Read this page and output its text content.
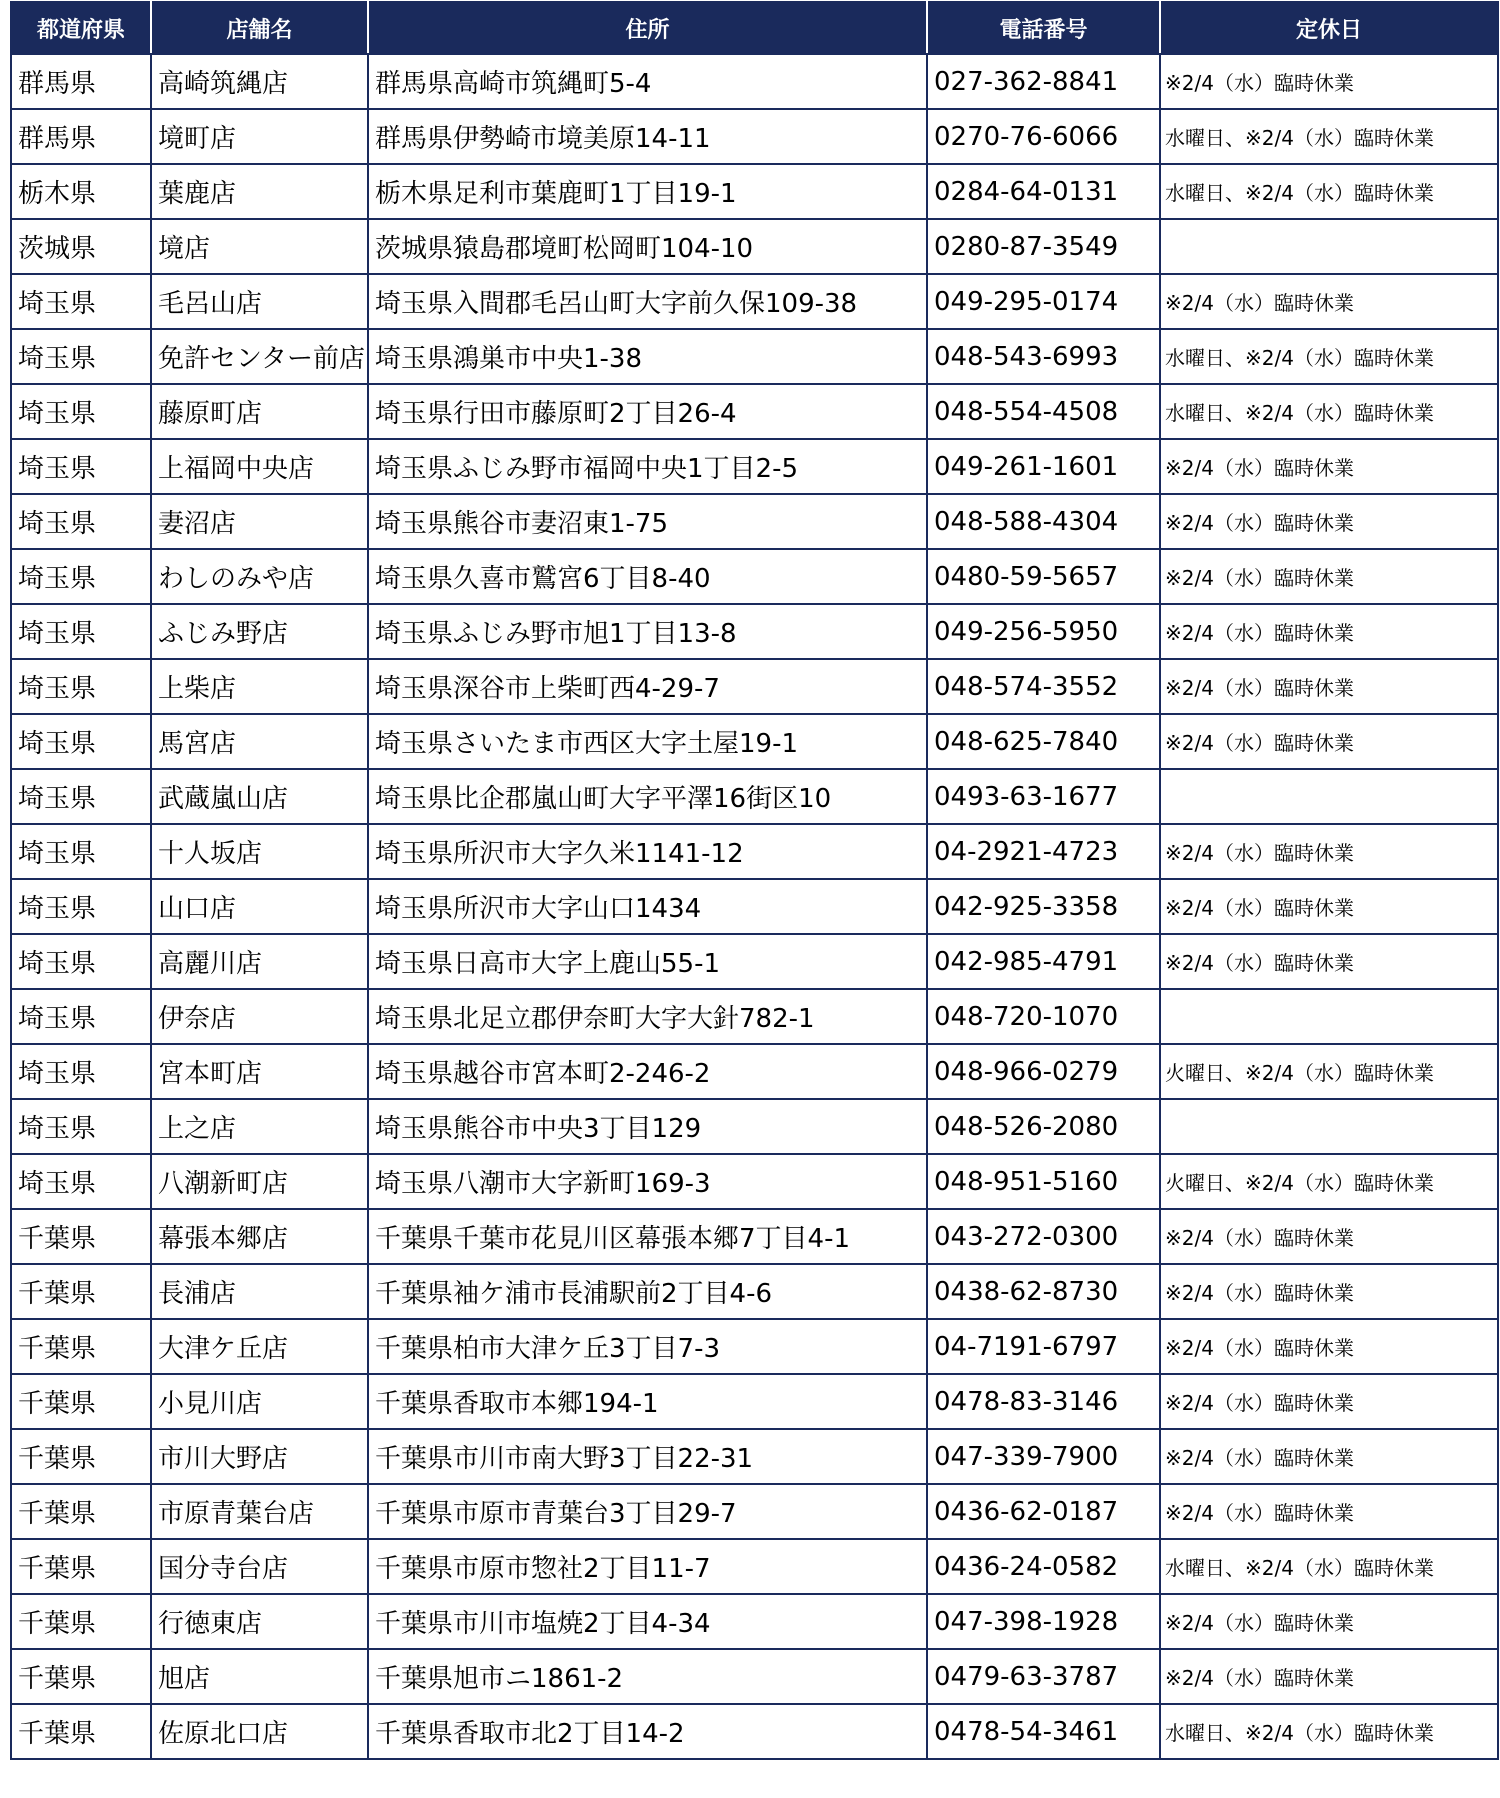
都道府県	店舗名	住所	電話番号	定休日
群馬県	高崎筑縄店	群馬県高崎市筑縄町5-4	027-362-8841	※2/4（水）臨時休業
群馬県	境町店	群馬県伊勢崎市境美原14-11	0270-76-6066	水曜日、※2/4（水）臨時休業
栃木県	葉鹿店	栃木県足利市葉鹿町1丁目19-1	0284-64-0131	水曜日、※2/4（水）臨時休業
茨城県	境店	茨城県猿島郡境町松岡町104-10	0280-87-3549	
埼玉県	毛呂山店	埼玉県入間郡毛呂山町大字前久保109-38	049-295-0174	※2/4（水）臨時休業
埼玉県	免許センター前店	埼玉県鴻巣市中央1-38	048-543-6993	水曜日、※2/4（水）臨時休業
埼玉県	藤原町店	埼玉県行田市藤原町2丁目26-4	048-554-4508	水曜日、※2/4（水）臨時休業
埼玉県	上福岡中央店	埼玉県ふじみ野市福岡中央1丁目2-5	049-261-1601	※2/4（水）臨時休業
埼玉県	妻沼店	埼玉県熊谷市妻沼東1-75	048-588-4304	※2/4（水）臨時休業
埼玉県	わしのみや店	埼玉県久喜市鷲宮6丁目8-40	0480-59-5657	※2/4（水）臨時休業
埼玉県	ふじみ野店	埼玉県ふじみ野市旭1丁目13-8	049-256-5950	※2/4（水）臨時休業
埼玉県	上柴店	埼玉県深谷市上柴町西4-29-7	048-574-3552	※2/4（水）臨時休業
埼玉県	馬宮店	埼玉県さいたま市西区大字土屋19-1	048-625-7840	※2/4（水）臨時休業
埼玉県	武蔵嵐山店	埼玉県比企郡嵐山町大字平澤16街区10	0493-63-1677	
埼玉県	十人坂店	埼玉県所沢市大字久米1141-12	04-2921-4723	※2/4（水）臨時休業
埼玉県	山口店	埼玉県所沢市大字山口1434	042-925-3358	※2/4（水）臨時休業
埼玉県	高麗川店	埼玉県日高市大字上鹿山55-1	042-985-4791	※2/4（水）臨時休業
埼玉県	伊奈店	埼玉県北足立郡伊奈町大字大針782-1	048-720-1070	
埼玉県	宮本町店	埼玉県越谷市宮本町2-246-2	048-966-0279	火曜日、※2/4（水）臨時休業
埼玉県	上之店	埼玉県熊谷市中央3丁目129	048-526-2080	
埼玉県	八潮新町店	埼玉県八潮市大字新町169-3	048-951-5160	火曜日、※2/4（水）臨時休業
千葉県	幕張本郷店	千葉県千葉市花見川区幕張本郷7丁目4-1	043-272-0300	※2/4（水）臨時休業
千葉県	長浦店	千葉県袖ケ浦市長浦駅前2丁目4-6	0438-62-8730	※2/4（水）臨時休業
千葉県	大津ケ丘店	千葉県柏市大津ケ丘3丁目7-3	04-7191-6797	※2/4（水）臨時休業
千葉県	小見川店	千葉県香取市本郷194-1	0478-83-3146	※2/4（水）臨時休業
千葉県	市川大野店	千葉県市川市南大野3丁目22-31	047-339-7900	※2/4（水）臨時休業
千葉県	市原青葉台店	千葉県市原市青葉台3丁目29-7	0436-62-0187	※2/4（水）臨時休業
千葉県	国分寺台店	千葉県市原市惣社2丁目11-7	0436-24-0582	水曜日、※2/4（水）臨時休業
千葉県	行徳東店	千葉県市川市塩焼2丁目4-34	047-398-1928	※2/4（水）臨時休業
千葉県	旭店	千葉県旭市ニ1861-2	0479-63-3787	※2/4（水）臨時休業
千葉県	佐原北口店	千葉県香取市北2丁目14-2	0478-54-3461	水曜日、※2/4（水）臨時休業
